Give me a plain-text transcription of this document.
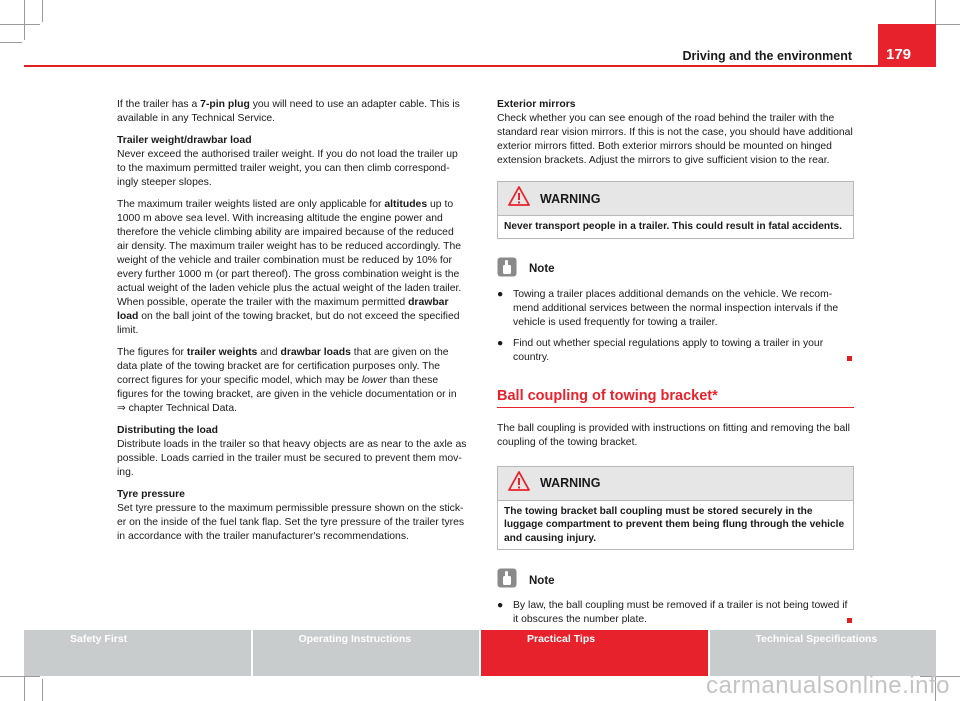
Driving and the environment	179

If the trailer has a 7-pin plug you will need to use an adapter cable. This is available in any Technical Service.

Trailer weight/drawbar load

Never exceed the authorised trailer weight. If you do not load the trailer up to the maximum permitted trailer weight, you can then climb correspondingly steeper slopes.

The maximum trailer weights listed are only applicable for altitudes up to 1000 m above sea level. With increasing altitude the engine power and therefore the vehicle climbing ability are impaired because of the reduced air density. The maximum trailer weight has to be reduced accordingly. The weight of the vehicle and trailer combination must be reduced by 10% for every further 1000 m (or part thereof). The gross combination weight is the actual weight of the laden vehicle plus the actual weight of the laden trailer. When possible, operate the trailer with the maximum permitted drawbar load on the ball joint of the towing bracket, but do not exceed the specified limit.

The figures for trailer weights and drawbar loads that are given on the data plate of the towing bracket are for certification purposes only. The correct figures for your specific model, which may be lower than these figures for the towing bracket, are given in the vehicle documentation or in ⇒ chapter Technical Data.

Distributing the load

Distribute loads in the trailer so that heavy objects are as near to the axle as possible. Loads carried in the trailer must be secured to prevent them moving.

Tyre pressure

Set tyre pressure to the maximum permissible pressure shown on the sticker on the inside of the fuel tank flap. Set the tyre pressure of the trailer tyres in accordance with the trailer manufacturer's recommendations.

Exterior mirrors

Check whether you can see enough of the road behind the trailer with the standard rear vision mirrors. If this is not the case, you should have additional exterior mirrors fitted. Both exterior mirrors should be mounted on hinged extension brackets. Adjust the mirrors to give sufficient vision to the rear.

WARNING
Never transport people in a trailer. This could result in fatal accidents.
Note
● Towing a trailer places additional demands on the vehicle. We recommend additional services between the normal inspection intervals if the vehicle is used frequently for towing a trailer.
● Find out whether special regulations apply to towing a trailer in your country.
Ball coupling of towing bracket*

The ball coupling is provided with instructions on fitting and removing the ball coupling of the towing bracket.

WARNING
The towing bracket ball coupling must be stored securely in the luggage compartment to prevent them being flung through the vehicle and causing injury.
Note
● By law, the ball coupling must be removed if a trailer is not being towed if it obscures the number plate.
Safety First	Operating Instructions	Practical Tips	Technical Specifications
carmanualsonline.info
